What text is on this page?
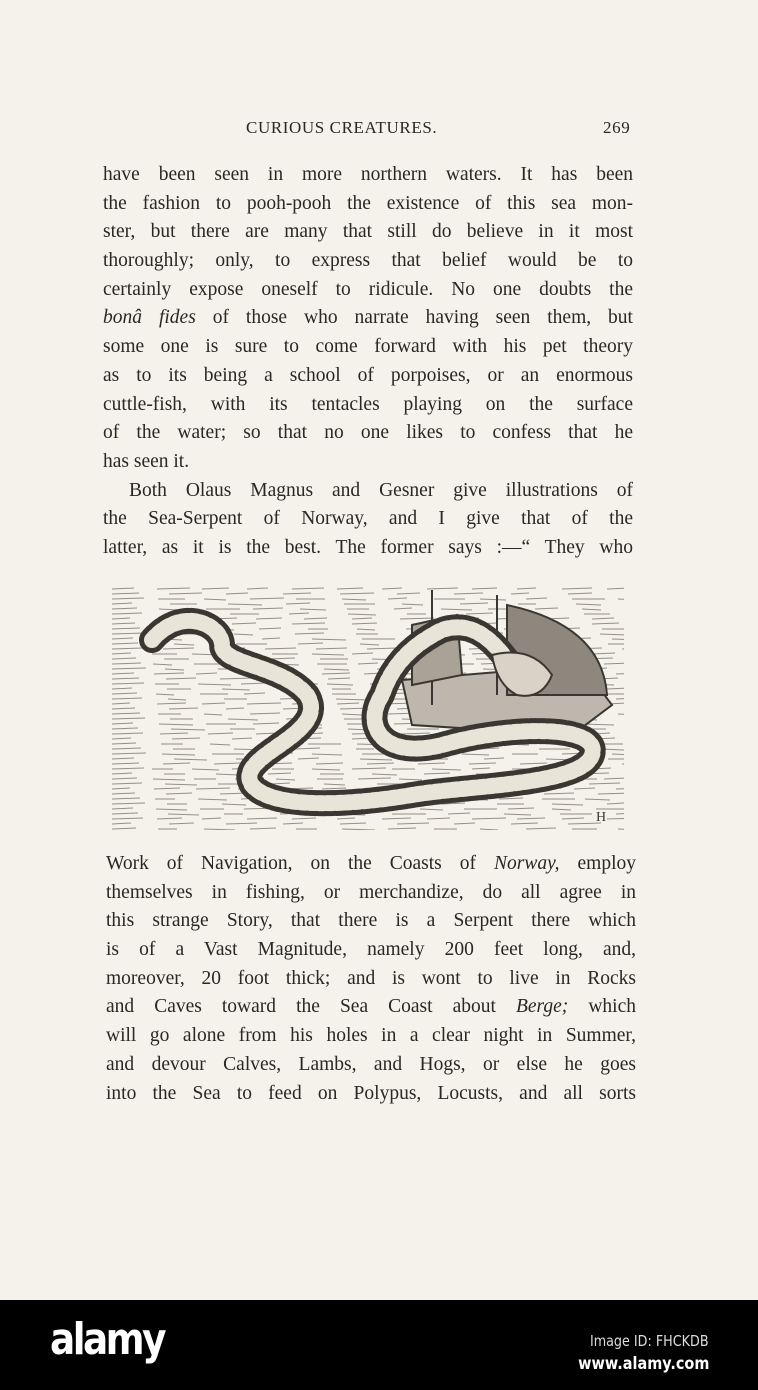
CURIOUS CREATURES.	269
have been seen in more northern waters. It has been
the fashion to pooh-pooh the existence of this sea mon-
ster, but there are many that still do believe in it most
thoroughly; only, to express that belief would be to
certainly expose oneself to ridicule. No one doubts the
bonâ fides of those who narrate having seen them, but
some one is sure to come forward with his pet theory
as to its being a school of porpoises, or an enormous
cuttle-fish, with its tentacles playing on the surface
of the water; so that no one likes to confess that he
has seen it.
Both Olaus Magnus and Gesner give illustrations of
the Sea-Serpent of Norway, and I give that of the
latter, as it is the best. The former says :—“ They who
H
Work of Navigation, on the Coasts of Norway, employ
themselves in fishing, or merchandize, do all agree in
this strange Story, that there is a Serpent there which
is of a Vast Magnitude, namely 200 feet long, and,
moreover, 20 foot thick; and is wont to live in Rocks
and Caves toward the Sea Coast about Berge; which
will go alone from his holes in a clear night in Summer,
and devour Calves, Lambs, and Hogs, or else he goes
into the Sea to feed on Polypus, Locusts, and all sorts
alamy	Image ID: FHCKDB
www.alamy.com
